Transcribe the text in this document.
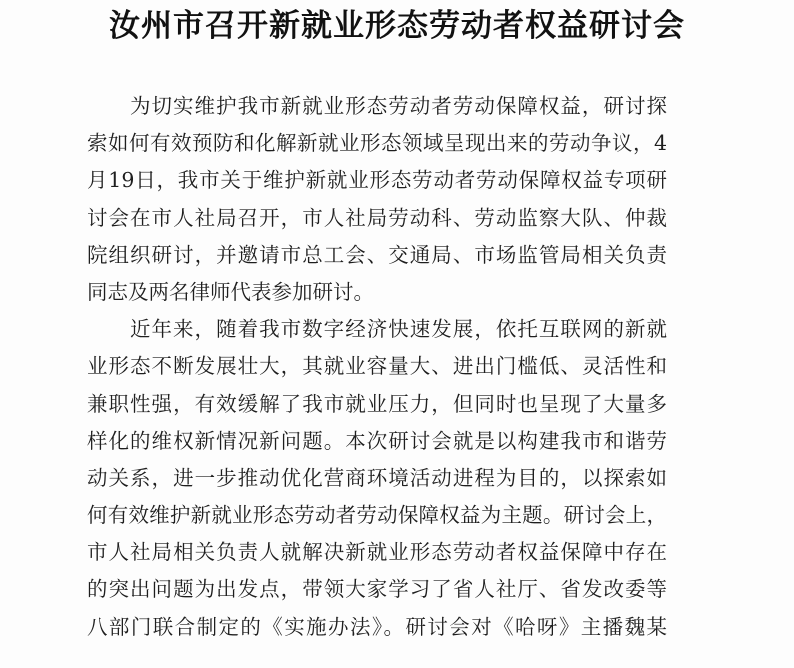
汝州市召开新就业形态劳动者权益研讨会
为切实维护我市新就业形态劳动者劳动保障权益，研讨探
索如何有效预防和化解新就业形态领域呈现出来的劳动争议，4
月19日，我市关于维护新就业形态劳动者劳动保障权益专项研
讨会在市人社局召开，市人社局劳动科、劳动监察大队、仲裁
院组织研讨，并邀请市总工会、交通局、市场监管局相关负责
同志及两名律师代表参加研讨。
近年来，随着我市数字经济快速发展，依托互联网的新就
业形态不断发展壮大，其就业容量大、进出门槛低、灵活性和
兼职性强，有效缓解了我市就业压力，但同时也呈现了大量多
样化的维权新情况新问题。本次研讨会就是以构建我市和谐劳
动关系，进一步推动优化营商环境活动进程为目的，以探索如
何有效维护新就业形态劳动者劳动保障权益为主题。研讨会上，
市人社局相关负责人就解决新就业形态劳动者权益保障中存在
的突出问题为出发点，带领大家学习了省人社厅、省发改委等
八部门联合制定的《实施办法》。研讨会对《哈呀》主播魏某
